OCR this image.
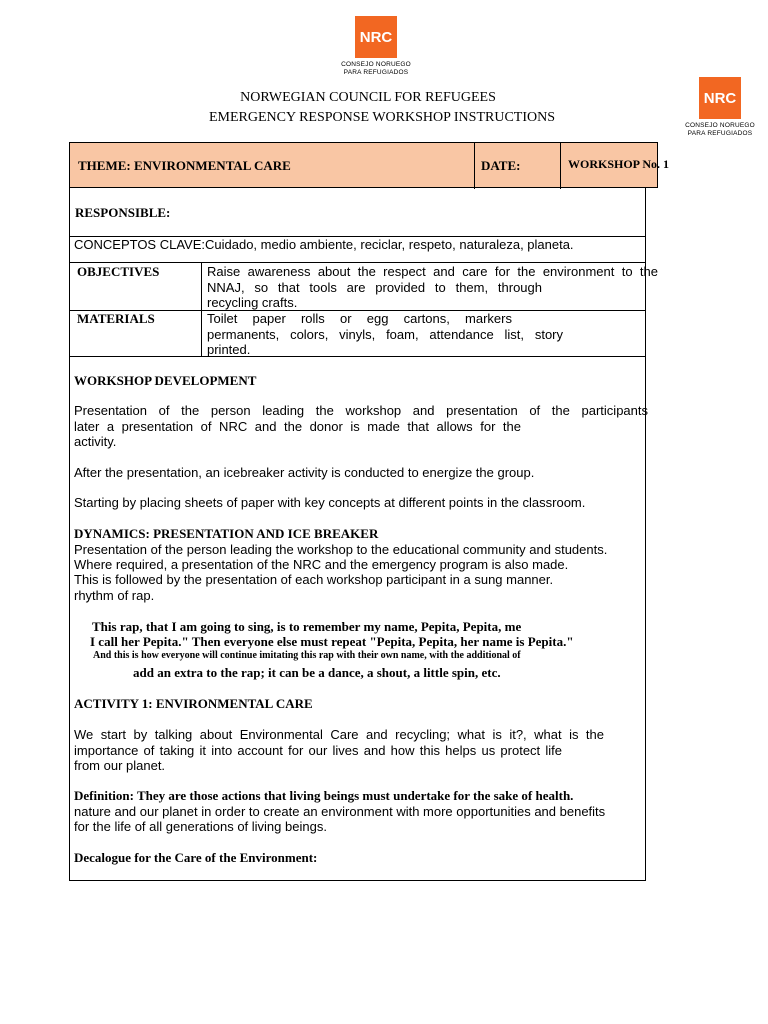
NRC
CONSEJO NORUEGO
PARA REFUGIADOS
NRC
CONSEJO NORUEGO
PARA REFUGIADOS
NORWEGIAN COUNCIL FOR REFUGEES
EMERGENCY RESPONSE WORKSHOP INSTRUCTIONS
THEME: ENVIRONMENTAL CARE	DATE:	WORKSHOP No. 1
RESPONSIBLE:
CONCEPTOS CLAVE:Cuidado, medio ambiente, reciclar, respeto, naturaleza, planeta.
OBJECTIVES	Raise awareness about the respect and care for the environment to the
NNAJ, so that tools are provided to them, through
recycling crafts.
MATERIALS	Toilet paper rolls or egg cartons, markers
permanents, colors, vinyls, foam, attendance list, story
printed.
WORKSHOP DEVELOPMENT
Presentation of the person leading the workshop and presentation of the participants
later a presentation of NRC and the donor is made that allows for the
activity.
After the presentation, an icebreaker activity is conducted to energize the group.
Starting by placing sheets of paper with key concepts at different points in the classroom.
DYNAMICS: PRESENTATION AND ICE BREAKER
Presentation of the person leading the workshop to the educational community and students.
Where required, a presentation of the NRC and the emergency program is also made.
This is followed by the presentation of each workshop participant in a sung manner.
rhythm of rap.
This rap, that I am going to sing, is to remember my name, Pepita, Pepita, me
I call her Pepita." Then everyone else must repeat "Pepita, Pepita, her name is Pepita."
And this is how everyone will continue imitating this rap with their own name, with the additional of
add an extra to the rap; it can be a dance, a shout, a little spin, etc.
ACTIVITY 1: ENVIRONMENTAL CARE
We start by talking about Environmental Care and recycling; what is it?, what is the
importance of taking it into account for our lives and how this helps us protect life
from our planet.
Definition: They are those actions that living beings must undertake for the sake of health.
nature and our planet in order to create an environment with more opportunities and benefits
for the life of all generations of living beings.
Decalogue for the Care of the Environment:
